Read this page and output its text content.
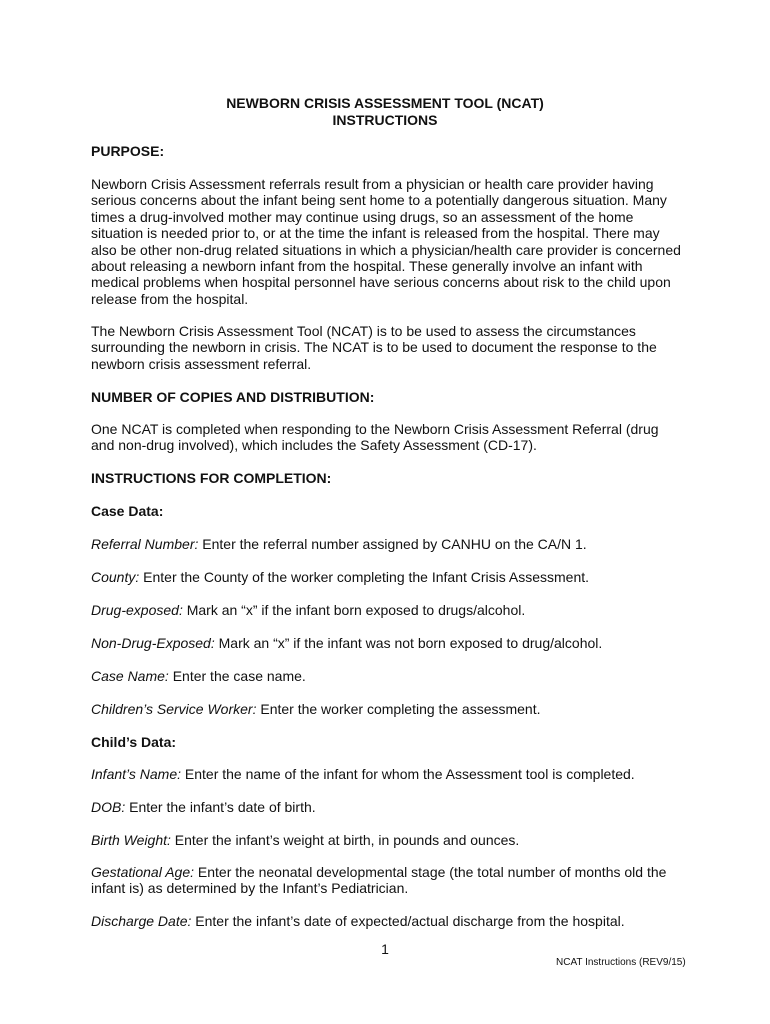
NEWBORN CRISIS ASSESSMENT TOOL (NCAT)
INSTRUCTIONS
PURPOSE:
Newborn Crisis Assessment referrals result from a physician or health care provider having serious concerns about the infant being sent home to a potentially dangerous situation. Many times a drug-involved mother may continue using drugs, so an assessment of the home situation is needed prior to, or at the time the infant is released from the hospital. There may also be other non-drug related situations in which a physician/health care provider is concerned about releasing a newborn infant from the hospital. These generally involve an infant with medical problems when hospital personnel have serious concerns about risk to the child upon release from the hospital.
The Newborn Crisis Assessment Tool (NCAT) is to be used to assess the circumstances surrounding the newborn in crisis. The NCAT is to be used to document the response to the newborn crisis assessment referral.
NUMBER OF COPIES AND DISTRIBUTION:
One NCAT is completed when responding to the Newborn Crisis Assessment Referral (drug and non-drug involved), which includes the Safety Assessment (CD-17).
INSTRUCTIONS FOR COMPLETION:
Case Data:
Referral Number: Enter the referral number assigned by CANHU on the CA/N 1.
County: Enter the County of the worker completing the Infant Crisis Assessment.
Drug-exposed: Mark an “x” if the infant born exposed to drugs/alcohol.
Non-Drug-Exposed: Mark an “x” if the infant was not born exposed to drug/alcohol.
Case Name: Enter the case name.
Children’s Service Worker: Enter the worker completing the assessment.
Child’s Data:
Infant’s Name: Enter the name of the infant for whom the Assessment tool is completed.
DOB: Enter the infant’s date of birth.
Birth Weight: Enter the infant’s weight at birth, in pounds and ounces.
Gestational Age: Enter the neonatal developmental stage (the total number of months old the infant is) as determined by the Infant’s Pediatrician.
Discharge Date: Enter the infant’s date of expected/actual discharge from the hospital.
1
NCAT Instructions (REV9/15)
